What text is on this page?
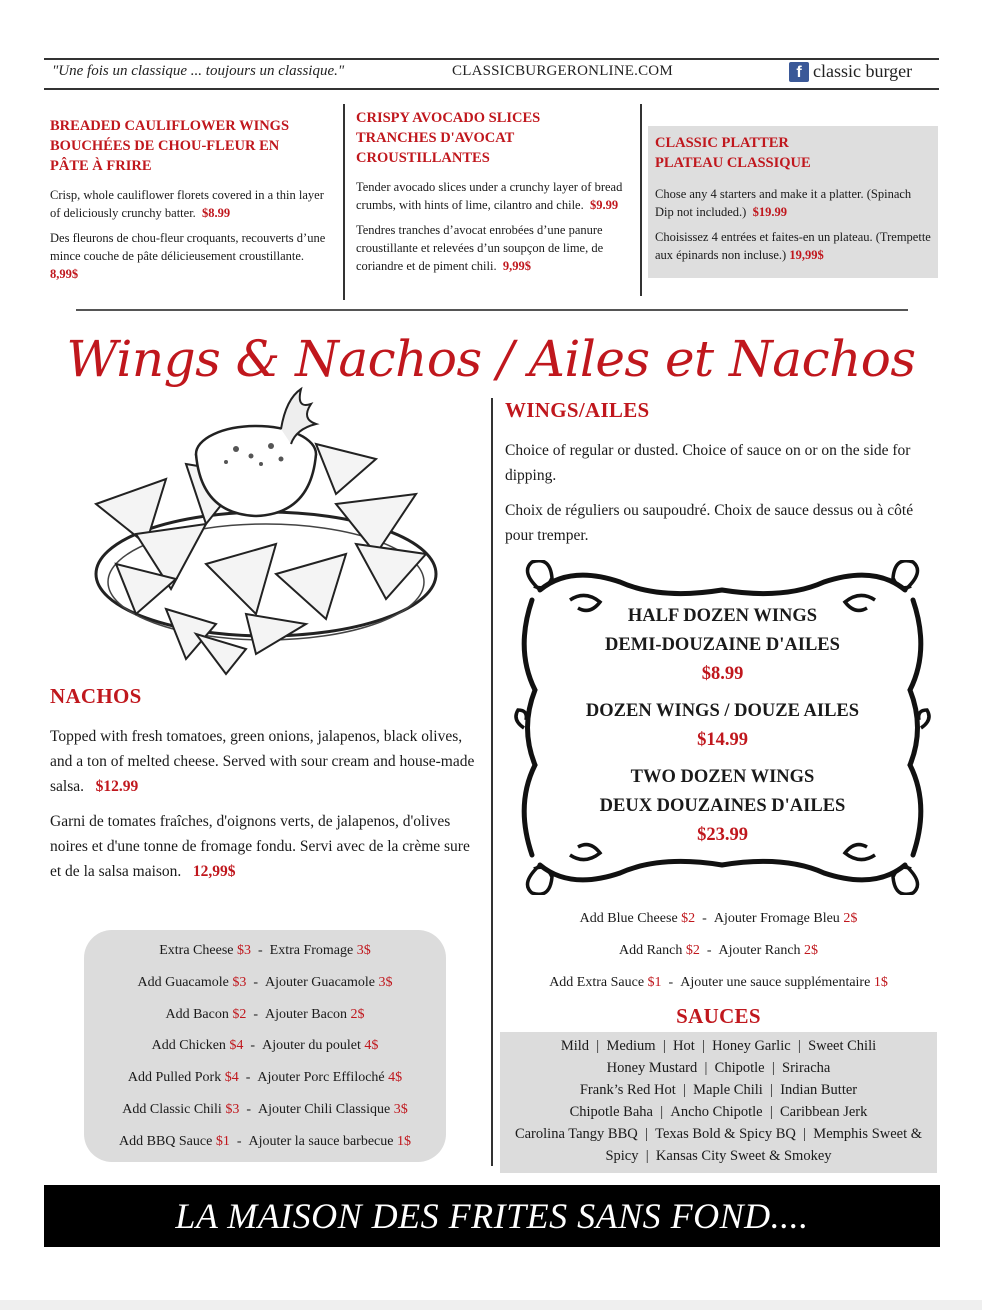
"Une fois un classique ... toujours un classique."	CLASSICBURGERONLINE.COM	f classic burger
BREADED CAULIFLOWER WINGS
BOUCHÉES DE CHOU-FLEUR EN
PÂTE À FRIRE

Crisp, whole cauliflower florets covered in a thin layer of deliciously crunchy batter. $8.99

Des fleurons de chou-fleur croquants, recouverts d’une mince couche de pâte délicieusement croustillante.  8,99$

CRISPY AVOCADO SLICES
TRANCHES D'AVOCAT
CROUSTILLANTES

Tender avocado slices under a crunchy layer of bread crumbs, with hints of lime, cilantro and chile. $9.99

Tendres tranches d’avocat enrobées d’une panure croustillante et relevées d’un soupçon de lime, de coriandre et de piment chili. 9,99$

CLASSIC PLATTER
PLATEAU CLASSIQUE

Chose any 4 starters and make it a platter. (Spinach Dip not included.) $19.99

Choisissez 4 entrées et faites-en un plateau. (Trempette aux épinards non incluse.) 19,99$

Wings & Nachos / Ailes et Nachos
NACHOS

Topped with fresh tomatoes, green onions, jalapenos, black olives, and a ton of melted cheese. Served with sour cream and house-made salsa. $12.99

Garni de tomates fraîches, d'oignons verts, de jalapenos, d'olives noires et d'une tonne de fromage fondu. Servi avec de la crème sure et de la salsa maison. 12,99$

Extra Cheese $3  -  Extra Fromage 3$
Add Guacamole $3  -  Ajouter Guacamole 3$
Add Bacon $2  -  Ajouter Bacon 2$
Add Chicken $4  -  Ajouter du poulet 4$
Add Pulled Pork $4  -  Ajouter Porc Effiloché 4$
Add Classic Chili $3  -  Ajouter Chili Classique 3$
Add BBQ Sauce $1  -  Ajouter la sauce barbecue 1$
WINGS/AILES

Choice of regular or dusted. Choice of sauce on or on the side for dipping.

Choix de réguliers ou saupoudré. Choix de sauce dessus ou à côté pour tremper.

HALF DOZEN WINGS
DEMI-DOUZAINE D'AILES
$8.99
DOZEN WINGS / DOUZE AILES
$14.99
TWO DOZEN WINGS
DEUX DOUZAINES D'AILES
$23.99
Add Blue Cheese $2  -  Ajouter Fromage Bleu 2$
Add Ranch $2  -  Ajouter Ranch 2$
Add Extra Sauce $1  -  Ajouter une sauce supplémentaire 1$
SAUCES
Mild  |  Medium  |  Hot  |  Honey Garlic  |  Sweet Chili
Honey Mustard  |  Chipotle  |  Sriracha
Frank’s Red Hot  |  Maple Chili  |  Indian Butter
Chipotle Baha  |  Ancho Chipotle  |  Caribbean Jerk
Carolina Tangy BBQ  |  Texas Bold & Spicy BQ  |  Memphis Sweet & Spicy  |  Kansas City Sweet & Smokey
LA MAISON DES FRITES SANS FOND....
